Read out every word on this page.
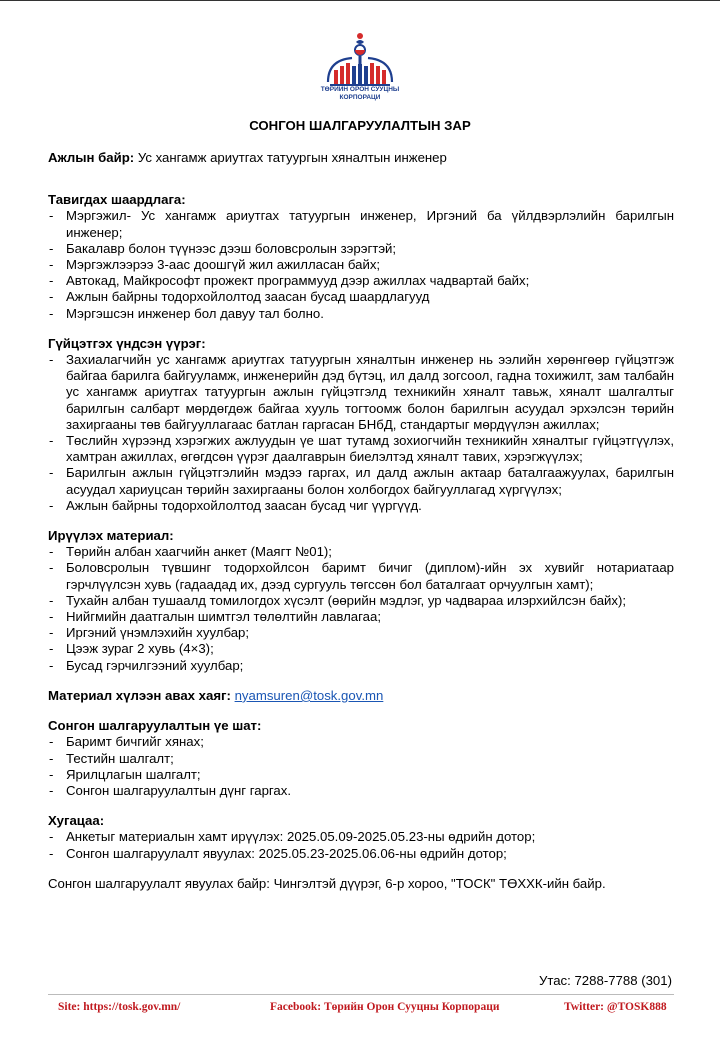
ТӨРИЙН ОРОН СУУЦНЫ
КОРПОРАЦИ
СОНГОН ШАЛГАРУУЛАЛТЫН ЗАР
Ажлын байр: Ус хангамж ариутгах татуургын хяналтын инженер
Тавигдах шаардлага:
- Мэргэжил- Ус хангамж ариутгах татуургын инженер, Иргэний ба үйлдвэрлэлийн барилгын инженер;
- Бакалавр болон түүнээс дээш боловсролын зэрэгтэй;
- Мэргэжлээрээ 3-аас доошгүй жил ажилласан байх;
- Автокад, Майкрософт прожект программууд дээр ажиллах чадвартай байх;
- Ажлын байрны тодорхойлолтод заасан бусад шаардлагууд
- Мэргэшсэн инженер бол давуу тал болно.
Гүйцэтгэх үндсэн үүрэг:
- Захиалагчийн ус хангамж ариутгах татуургын хяналтын инженер нь ээлийн хөрөнгөөр гүйцэтгэж байгаа барилга байгууламж, инженерийн дэд бүтэц, ил далд зогсоол, гадна тохижилт, зам талбайн ус хангамж ариутгах татуургын ажлын гүйцэтгэлд техникийн хяналт тавьж, хяналт шалгалтыг барилгын салбарт мөрдөгдөж байгаа хууль тогтоомж болон барилгын асуудал эрхэлсэн төрийн захиргааны төв байгууллагаас батлан гаргасан БНбД, стандартыг мөрдүүлэн ажиллах;
- Төслийн хүрээнд хэрэгжих ажлуудын үе шат тутамд зохиогчийн техникийн хяналтыг гүйцэтгүүлэх, хамтран ажиллах, өгөгдсөн үүрэг даалгаврын биелэлтэд хяналт тавих, хэрэгжүүлэх;
- Барилгын ажлын гүйцэтгэлийн мэдээ гаргах, ил далд ажлын актаар баталгаажуулах, барилгын асуудал хариуцсан төрийн захиргааны болон холбогдох байгууллагад хүргүүлэх;
- Ажлын байрны тодорхойлолтод заасан бусад чиг үүргүүд.
Ирүүлэх материал:
- Төрийн албан хаагчийн анкет (Маягт №01);
- Боловсролын түвшинг тодорхойлсон баримт бичиг (диплом)-ийн эх хувийг нотариатаар гэрчлүүлсэн хувь (гадаадад их, дээд сургууль төгссөн бол баталгаат орчуулгын хамт);
- Тухайн албан тушаалд томилогдох хүсэлт (өөрийн мэдлэг, ур чадвараа илэрхийлсэн байх);
- Нийгмийн даатгалын шимтгэл төлөлтийн лавлагаа;
- Иргэний үнэмлэхийн хуулбар;
- Цээж зураг 2 хувь (4×3);
- Бусад гэрчилгээний хуулбар;
Материал хүлээн авах хаяг: nyamsuren@tosk.gov.mn
Сонгон шалгаруулалтын үе шат:
- Баримт бичгийг хянах;
- Тестийн шалгалт;
- Ярилцлагын шалгалт;
- Сонгон шалгаруулалтын дүнг гаргах.
Хугацаа:
- Анкетыг материалын хамт ирүүлэх: 2025.05.09-2025.05.23-ны өдрийн дотор;
- Сонгон шалгаруулалт явуулах: 2025.05.23-2025.06.06-ны өдрийн дотор;
Сонгон шалгаруулалт явуулах байр: Чингэлтэй дүүрэг, 6-р хороо, "ТОСК" ТӨХХК-ийн байр.
Утас: 7288-7788 (301)
Site: https://tosk.gov.mn/	Facebook: Төрийн Орон Сууцны Корпораци	Twitter: @TOSK888
